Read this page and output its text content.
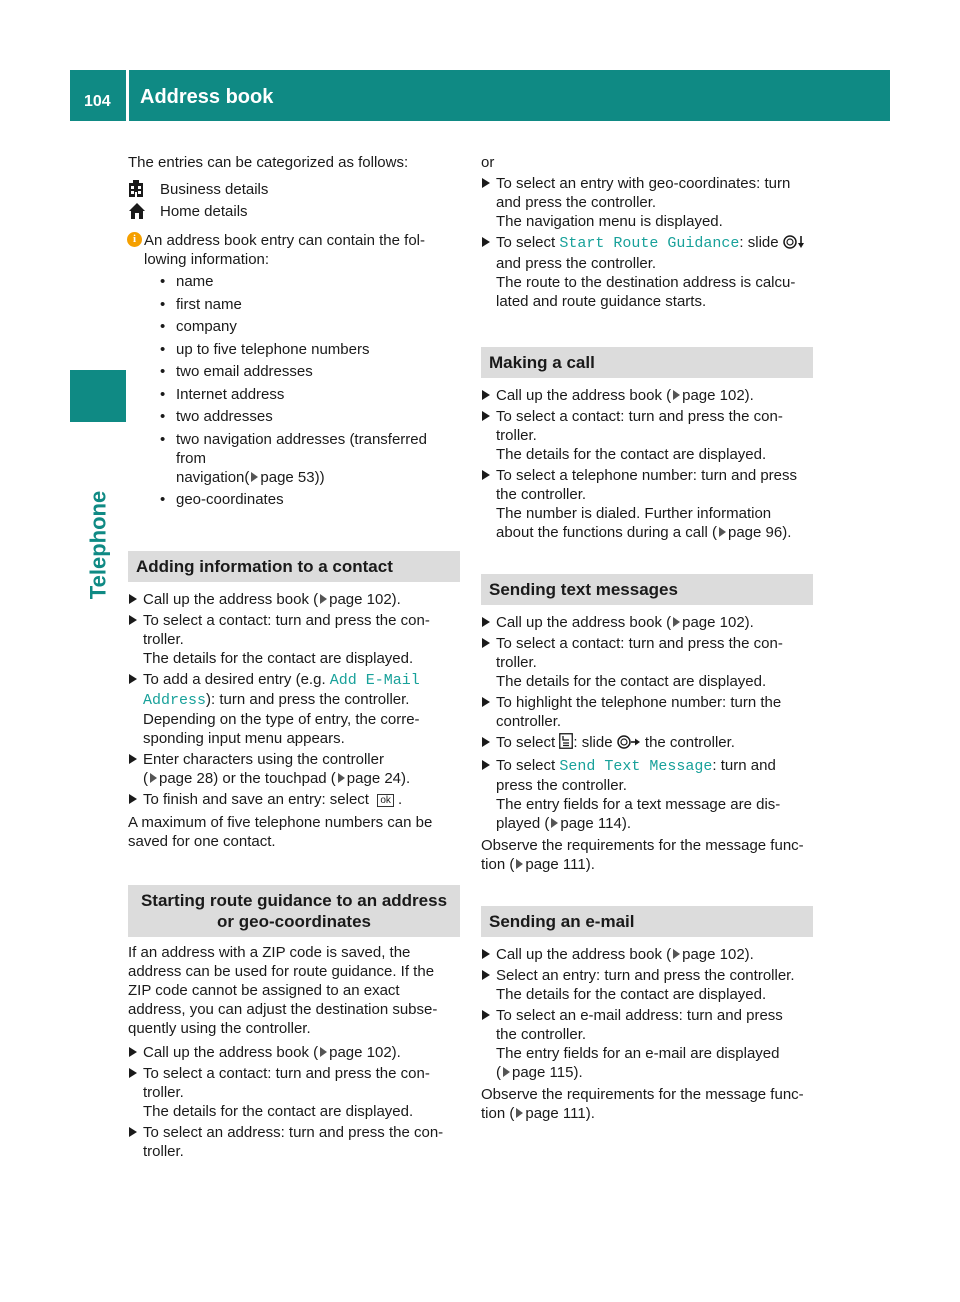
104 Address book
Telephone

The entries can be categorized as follows:

Business details
Home details
i An address book entry can contain the fol-
lowing information:

• name
• first name
• company
• up to five telephone numbers
• two email addresses
• Internet address
• two addresses
• two navigation addresses (transferred from
navigation( page 53))
• geo-coordinates
Adding information to a contact
Call up the address book ( page 102).
To select a contact: turn and press the con-
troller.
The details for the contact are displayed.
To add a desired entry (e.g. Add E-Mail
Address): turn and press the controller.
Depending on the type of entry, the corre-
sponding input menu appears.
Enter characters using the controller
( page 28) or the touchpad ( page 24).
To finish and save an entry: select ok .

A maximum of five telephone numbers can be
saved for one contact.

Starting route guidance to an address
or geo-coordinates

If an address with a ZIP code is saved, the
address can be used for route guidance. If the
ZIP code cannot be assigned to an exact
address, you can adjust the destination subse-
quently using the controller.

Call up the address book ( page 102).
To select a contact: turn and press the con-
troller.
The details for the contact are displayed.
To select an address: turn and press the con-
troller.

or

To select an entry with geo-coordinates: turn
and press the controller.
The navigation menu is displayed.
To select Start Route Guidance: slide
and press the controller.
The route to the destination address is calcu-
lated and route guidance starts.
Making a call
Call up the address book ( page 102).
To select a contact: turn and press the con-
troller.
The details for the contact are displayed.
To select a telephone number: turn and press
the controller.
The number is dialed. Further information
about the functions during a call ( page 96).
Sending text messages
Call up the address book ( page 102).
To select a contact: turn and press the con-
troller.
The details for the contact are displayed.
To highlight the telephone number: turn the
controller.
To select : slide the controller.
To select Send Text Message: turn and
press the controller.
The entry fields for a text message are dis-
played ( page 114).

Observe the requirements for the message func-
tion ( page 111).

Sending an e-mail
Call up the address book ( page 102).
Select an entry: turn and press the controller.
The details for the contact are displayed.
To select an e-mail address: turn and press
the controller.
The entry fields for an e-mail are displayed
( page 115).

Observe the requirements for the message func-
tion ( page 111).
